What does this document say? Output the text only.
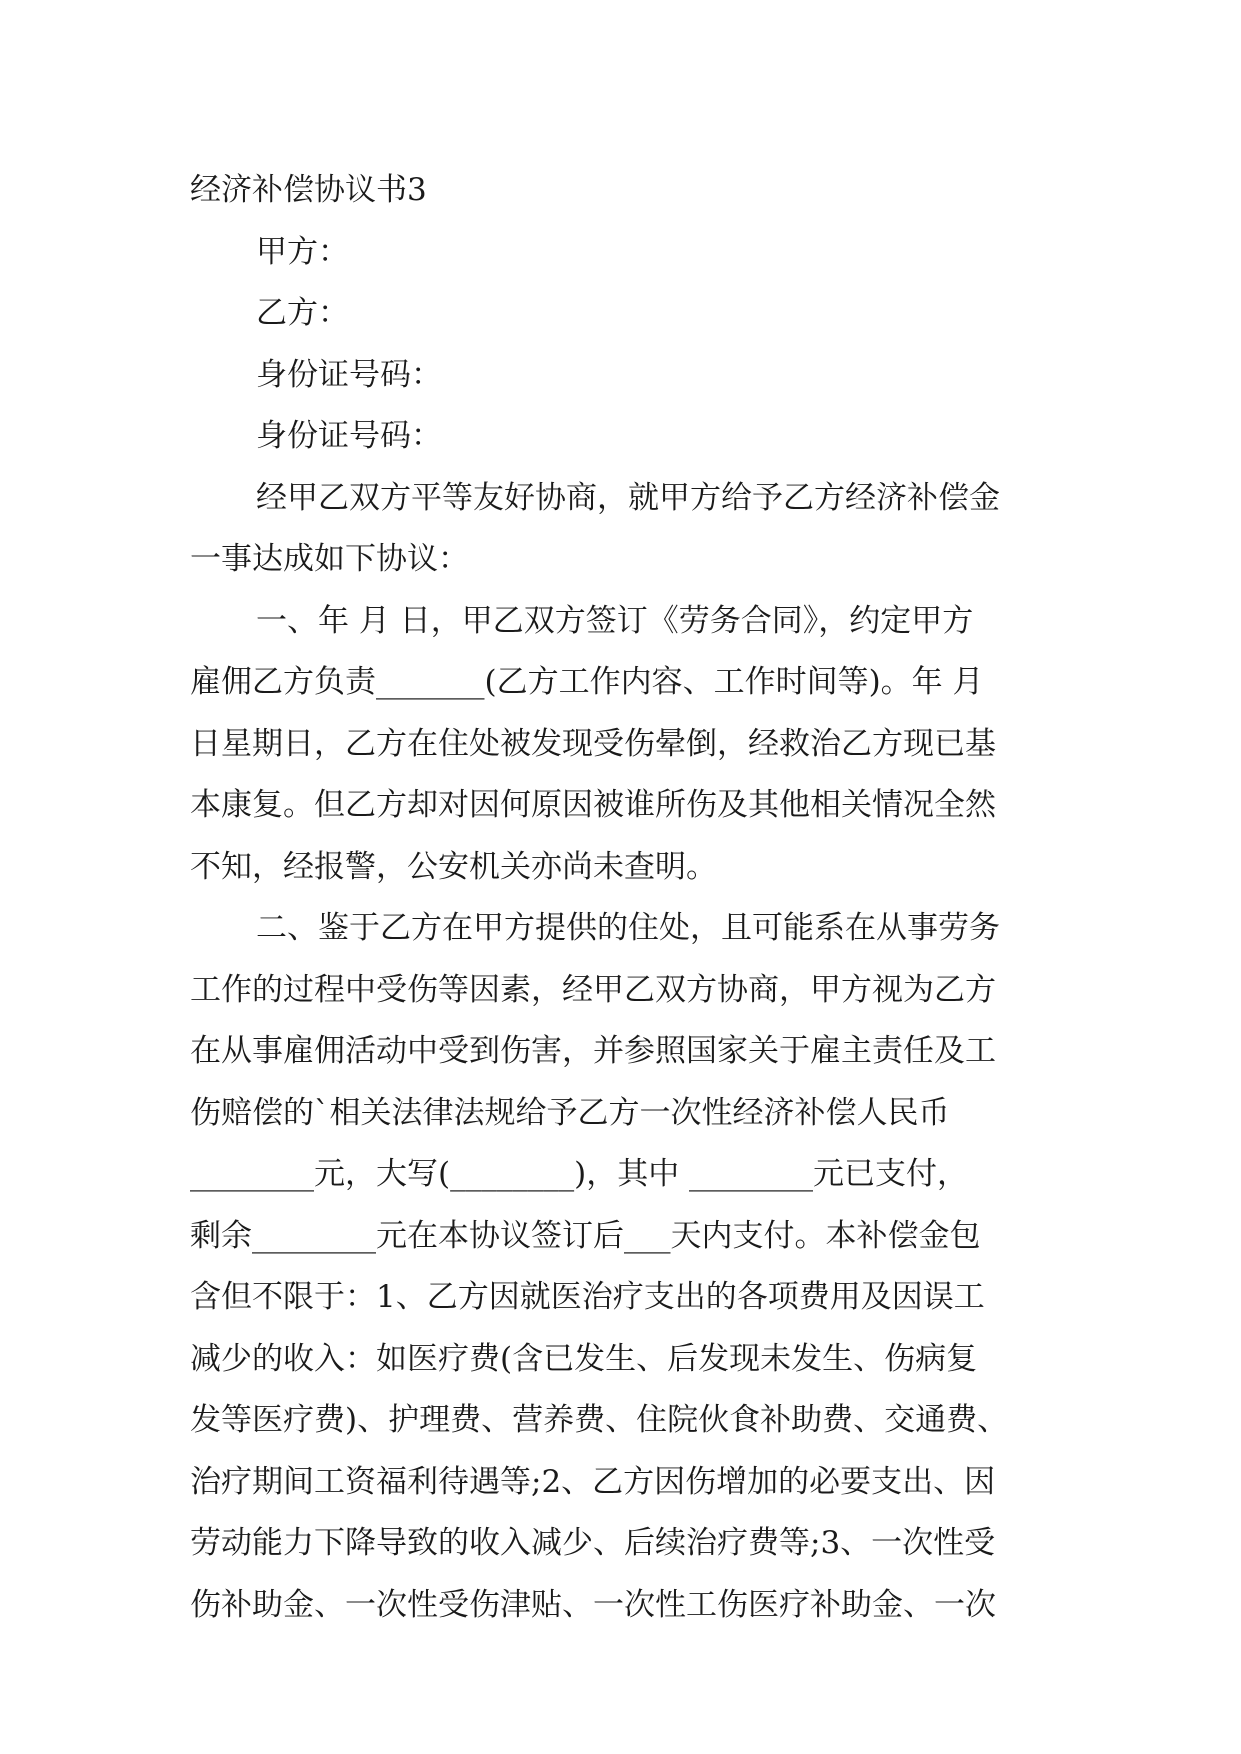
经济补偿协议书3
甲方：
乙方：
身份证号码：
身份证号码：
经甲乙双方平等友好协商，就甲方给予乙方经济补偿金
一事达成如下协议：
一、年 月 日，甲乙双方签订《劳务合同》，约定甲方
雇佣乙方负责_______(乙方工作内容、工作时间等)。年 月
日星期日，乙方在住处被发现受伤晕倒，经救治乙方现已基
本康复。但乙方却对因何原因被谁所伤及其他相关情况全然
不知，经报警，公安机关亦尚未查明。
二、鉴于乙方在甲方提供的住处，且可能系在从事劳务
工作的过程中受伤等因素，经甲乙双方协商，甲方视为乙方
在从事雇佣活动中受到伤害，并参照国家关于雇主责任及工
伤赔偿的`相关法律法规给予乙方一次性经济补偿人民币
________元，大写(________)，其中 ________元已支付，
剩余________元在本协议签订后___天内支付。本补偿金包
含但不限于：1、乙方因就医治疗支出的各项费用及因误工
减少的收入：如医疗费(含已发生、后发现未发生、伤病复
发等医疗费)、护理费、营养费、住院伙食补助费、交通费、
治疗期间工资福利待遇等;2、乙方因伤增加的必要支出、因
劳动能力下降导致的收入减少、后续治疗费等;3、一次性受
伤补助金、一次性受伤津贴、一次性工伤医疗补助金、一次
